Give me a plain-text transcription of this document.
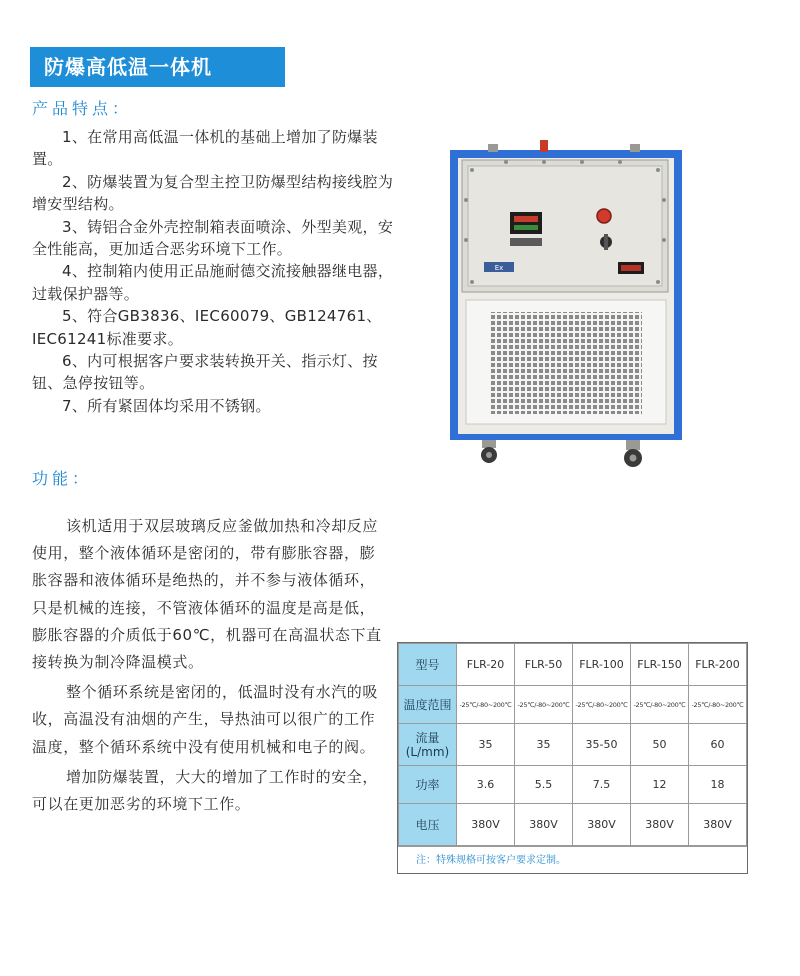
防爆高低温一体机
产品特点：

1、在常用高低温一体机的基础上增加了防爆装置。

2、防爆装置为复合型主控卫防爆型结构接线腔为增安型结构。

3、铸铝合金外壳控制箱表面喷涂、外型美观，安全性能高，更加适合恶劣环境下工作。

4、控制箱内使用正品施耐德交流接触器继电器，过载保护器等。

5、符合GB3836、IEC60079、GB124761、IEC61241标准要求。

6、内可根据客户要求装转换开关、指示灯、按钮、急停按钮等。

7、所有紧固体均采用不锈钢。

Ex
功能：

该机适用于双层玻璃反应釜做加热和冷却反应使用，整个液体循环是密闭的，带有膨胀容器，膨胀容器和液体循环是绝热的，并不参与液体循环，只是机械的连接，不管液体循环的温度是高是低，膨胀容器的介质低于60℃，机器可在高温状态下直接转换为制冷降温模式。

整个循环系统是密闭的，低温时没有水汽的吸收，高温没有油烟的产生，导热油可以很广的工作温度，整个循环系统中没有使用机械和电子的阀。

增加防爆装置，大大的增加了工作时的安全，可以在更加恶劣的环境下工作。

型号	FLR-20	FLR-50	FLR-100	FLR-150	FLR-200
温度范围	-25℃/-80~200℃	-25℃/-80~200℃	-25℃/-80~200℃	-25℃/-80~200℃	-25℃/-80~200℃
流量(L/mm)	35	35	35-50	50	60
功率	3.6	5.5	7.5	12	18
电压	380V	380V	380V	380V	380V
注：特殊规格可按客户要求定制。
